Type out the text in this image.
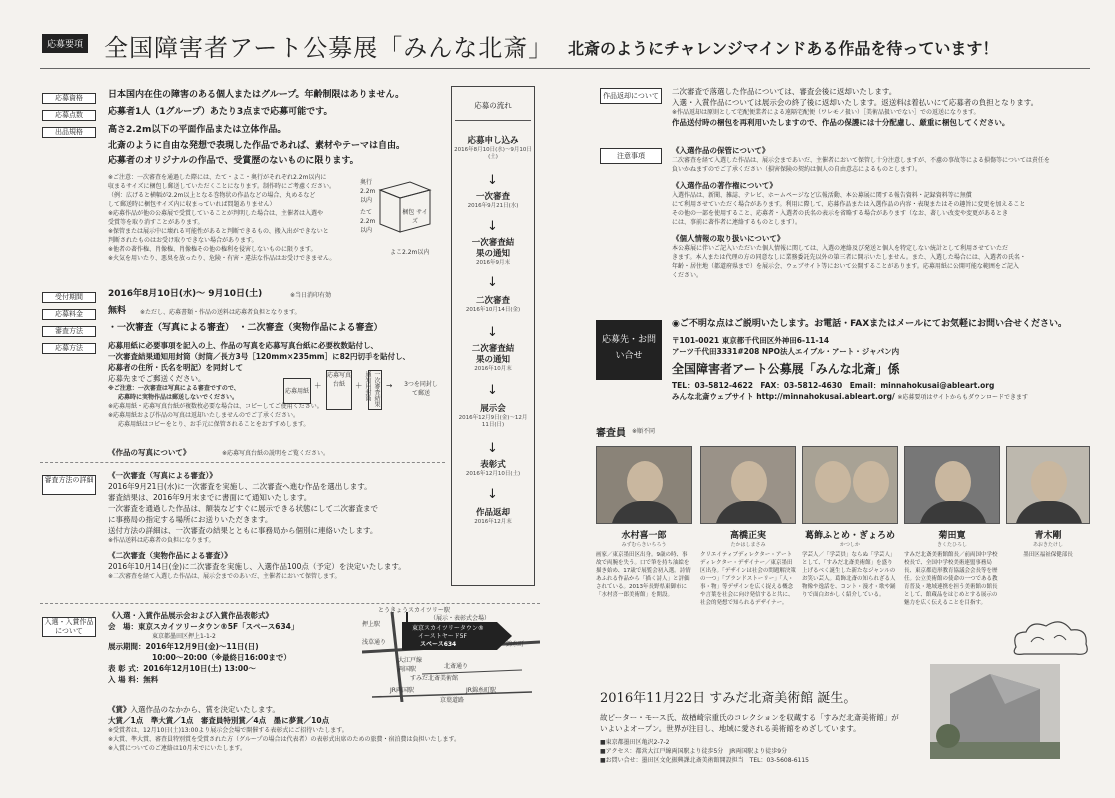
応募要項 全国障害者アート公募展「みんな北斎」 北斎のようにチャレンジマインドある作品を待っています！
応募資格	日本国内在住の障害のある個人またはグループ。年齢制限はありません。
応募点数	応募者1人（1グループ）あたり3点まで応募可能です。
出品規格	高さ2.2m以下の平面作品または立体作品。
北斎のように自由な発想で表現した作品であれば、素材やテーマは自由。
応募者のオリジナルの作品で、受賞歴のないものに限ります。
※ご注意：一次審査を通過した際には、たて・よこ・奥行がそれぞれ2.2m以内に
収まるサイズに梱包し郵送していただくことになります。制作時にご考慮ください。
（例：広げると横幅が2.2m以上となる巻物状の作品などの場合、丸めるなど
して郵送時に梱包サイズ内に収まっていれば問題ありません）
※応募作品が他の公募展で受賞していることが判明した場合は、主催者は入選や
受賞等を取り消すことがあります。
※保管または展示中に壊れる可能性があると判断できるもの、搬入出ができないと
判断されたものはお受け取りできない場合があります。
※他者の著作権、肖像権、肖像権その他の権利を侵害しないものに限ります。
※火気を用いたり、悪臭を放ったり、危険・有害・違法な作品はお受けできません。
奥行 2.2m 以内
たて 2.2m 以内
梱包 サイズ
よこ2.2m以内
受付期間	2016年8月10日(水)～ 9月10日(土)	※当日消印有効
応募料金	無料 ※ただし、応募書類・作品の送料は応募者負担となります。
審査方法	・一次審査（写真による審査）　・二次審査（実物作品による審査）
応募方法	応募用紙に必要事項を記入の上、作品の写真を応募写真台紙に必要枚数貼付し、
一次審査結果通知用封筒（封筒／長方3号［120mm×235mm］に82円切手を貼付し、
応募者の住所・氏名を明記）を同封して
応募先までご郵送ください。
※ご注意：一次審査は写真による審査ですので、
応募時に実物作品は郵送しないでください。
※応募用紙・応募写真台紙が複数枚必要な場合は、コピーしてご使用ください。
※応募用紙および作品の写真は返却いたしませんのでご了承ください。
応募用紙はコピーをとり、お手元に保管されることをおすすめします。
応募用紙
＋
応募写真台紙	＋	一次審査結果通知用封筒	→ 3つを同封して郵送
《作品の写真について》	※応募写真台紙の説明をご覧ください。
審査方法の詳細	《一次審査（写真による審査）》
2016年9月21日(水)に一次審査を実施し、二次審査へ進む作品を選出します。
審査結果は、2016年9月末までに書面にて通知いたします。
一次審査を通過した作品は、額装などすぐに展示できる状態にして二次審査まで
に事務局の指定する場所にお送りいただきます。
送付方法の詳細は、一次審査の結果とともに事務局から個別に連絡いたします。
※作品送料は応募者の負担になります。
《二次審査（実物作品による審査）》
2016年10月14日(金)に二次審査を実施し、入選作品100点（予定）を決定いたします。
※二次審査を経て入選した作品は、展示会までのあいだ、主催者において保管します。
入選・入賞作品について
《入選・入賞作品展示会および入賞作品表彰式》
会　場：東京スカイツリータウン®5F「スペース634」
東京都墨田区押上1-1-2
展示期間：2016年12月9日(金)～11日(日)
10:00～20:00（※最終日16:00まで）
表 彰 式：2016年12月10日(土) 13:00～
入 場 料：無料
《賞》入選作品のなかから、賞を決定いたします。
大賞／1点　準大賞／1点　審査員特別賞／4点　墨に夢賞／10点
※受賞者は、12月10日(土)13:00より展示会会場で開催する表彰式にご招待いたします。
※大賞、準大賞、審査員特別賞を受賞された方（グループの場合は代表者）の表彰式出席のための旅費・宿泊費は負担いたします。
※入賞についてのご連絡は10月末でにいたします。
とうきょうスカイツリー駅
押上駅
（展示・表彰式会場）
東京スカイツリータウン®
イーストヤード5F
スペース634
浅草通り
北斎通り
すみだ北斎美術館
JR両国駅
大江戸線両国駅
京葉道路
錦糸町
JR錦糸町駅
応募の流れ
応募申し込み
2016年8月10日(水)～9月10日(土)
↓
一次審査
2016年9月21日(水)
↓
一次審査結果の通知
2016年9月末
↓
二次審査
2016年10月14日(金)
↓
二次審査結果の通知
2016年10月末
↓
展示会
2016年12月9日(金)～12月11日(日)
↓
表彰式
2016年12月10日(土)
↓
作品返却
2016年12月末
作品返却について	二次審査で落選した作品については、審査会後に返却いたします。
入選・入賞作品については展示会の終了後に返却いたします。返送料は着払いにて応募者の負担となります。
※作品返却は原則として宅配便業者による遠隔宅配便（ワレモノ扱い）［美術品扱いでない］での返送になります。
作品送付時の梱包を再利用いたしますので、作品の保護には十分配慮し、厳重に梱包してください。
注意事項
《入選作品の保管について》
二次審査を経て入選した作品は、展示会まであいだ、主催者において保管し十分注意しますが、不慮の事故等による損傷等については責任を
負いかねますのでご了承ください（損害保険の契約は個人の自由意志によるものとします）。
《入選作品の著作権について》
入選作品は、新聞、雑誌、テレビ、ホームページなど広報活動、本公募展に関する報告資料・記録資料等に無償
にて利用させていただく場合があります。利用に際して、応募作品または入選作品の内容・表現またはその趣旨に変更を加えること
その他の一部を使用すること、応募者・入選者の氏名の表示を省略する場合があります（なお、著しい改変や変更があるとき
には、事前に著作者に連絡するものとします）。
《個人情報の取り扱いについて》
本公募展に伴いご記入いただいた個人情報に関しては、入選の連絡及び発送と個人を特定しない統計として利用させていただ
きます。本人または代理の方の同意なしに業務委託先以外の第三者に開示いたしません。また、入選した場合には、入選者の氏名・
年齢・居住地（都道府県まで）を展示会、ウェブサイト等において公開することがあります。応募用紙に公開可能な範囲をご記入
ください。
応募先・お問い合せ
◉ご不明な点はご説明いたします。お電話・FAXまたはメールにてお気軽にお問い合せください。
〒101-0021 東京都千代田区外神田6-11-14
アーツ千代田3331#208 NPO法人エイブル・アート・ジャパン内
全国障害者アート公募展「みんな北斎」係
TEL：03-5812-4622　FAX：03-5812-4630　Email：minnahokusai@ableart.org
みんな北斎ウェブサイト http://minnahokusai.ableart.org/ ※応募要項はサイトからもダウンロードできます
審査員 ※順不同
水村喜一郎
みずむらきいちろう
画家／東京墨田区出身。9歳の時、事故で両腕を失う。口で筆を持ち油絵を描き始め、17歳で展覧会初入選。詩情あふれる作品から「描く詩人」と評価されている。2013年長野県東御市に「水村喜一郎美術館」を開設。
高橋正実
たかはしまさみ
クリエイティブディレクター・アートディレクター・デザイナー／東京墨田区出身。「デザインは社会の問題解決策の一つ」「ブランドストーリー」「人・事・物」等デザインを広く捉える概念や言葉を社会に向け発信すると共に、社会的発想で知られるデザイナー。
葛飾ふとめ・ぎょろめ
かつしか
学芸人／「学芸員」ならぬ「学芸人」として、「すみだ北斎美術館」を盛り上げるべく誕生した新たなジャンルのお笑い芸人。葛飾北斎の知られざる人物像や逸話を、コント・漫才・歌や踊りで面白おかしく紹介している。
菊田寛
きくたひろし
すみだ北斎美術館館長／前両国中学校校長で、全国中学校美術連盟事務局長、東京都造形教育協議会会長等を歴任。公立美術館の使命の一つである教育普及・地域連携を担う美術館の館長として、館蔵品をはじめとする展示の魅力を広く伝えることを目指す。
青木剛
あおきたけし
墨田区福祉保健部長
2016年11月22日 すみだ北斎美術館 誕生。
故ピーター・モース氏、故楢崎宗重氏のコレクションを収蔵する「すみだ北斎美術館」が
いよいよオープン。世界が注目し、地域に愛される美術館をめざしています。
■東京都墨田区亀沢2-7-2
■アクセス：都営大江戸線両国駅より徒歩5分　JR両国駅より徒歩9分
■お問い合せ：墨田区文化振興課北斎美術館開設担当　TEL：03-5608-6115
